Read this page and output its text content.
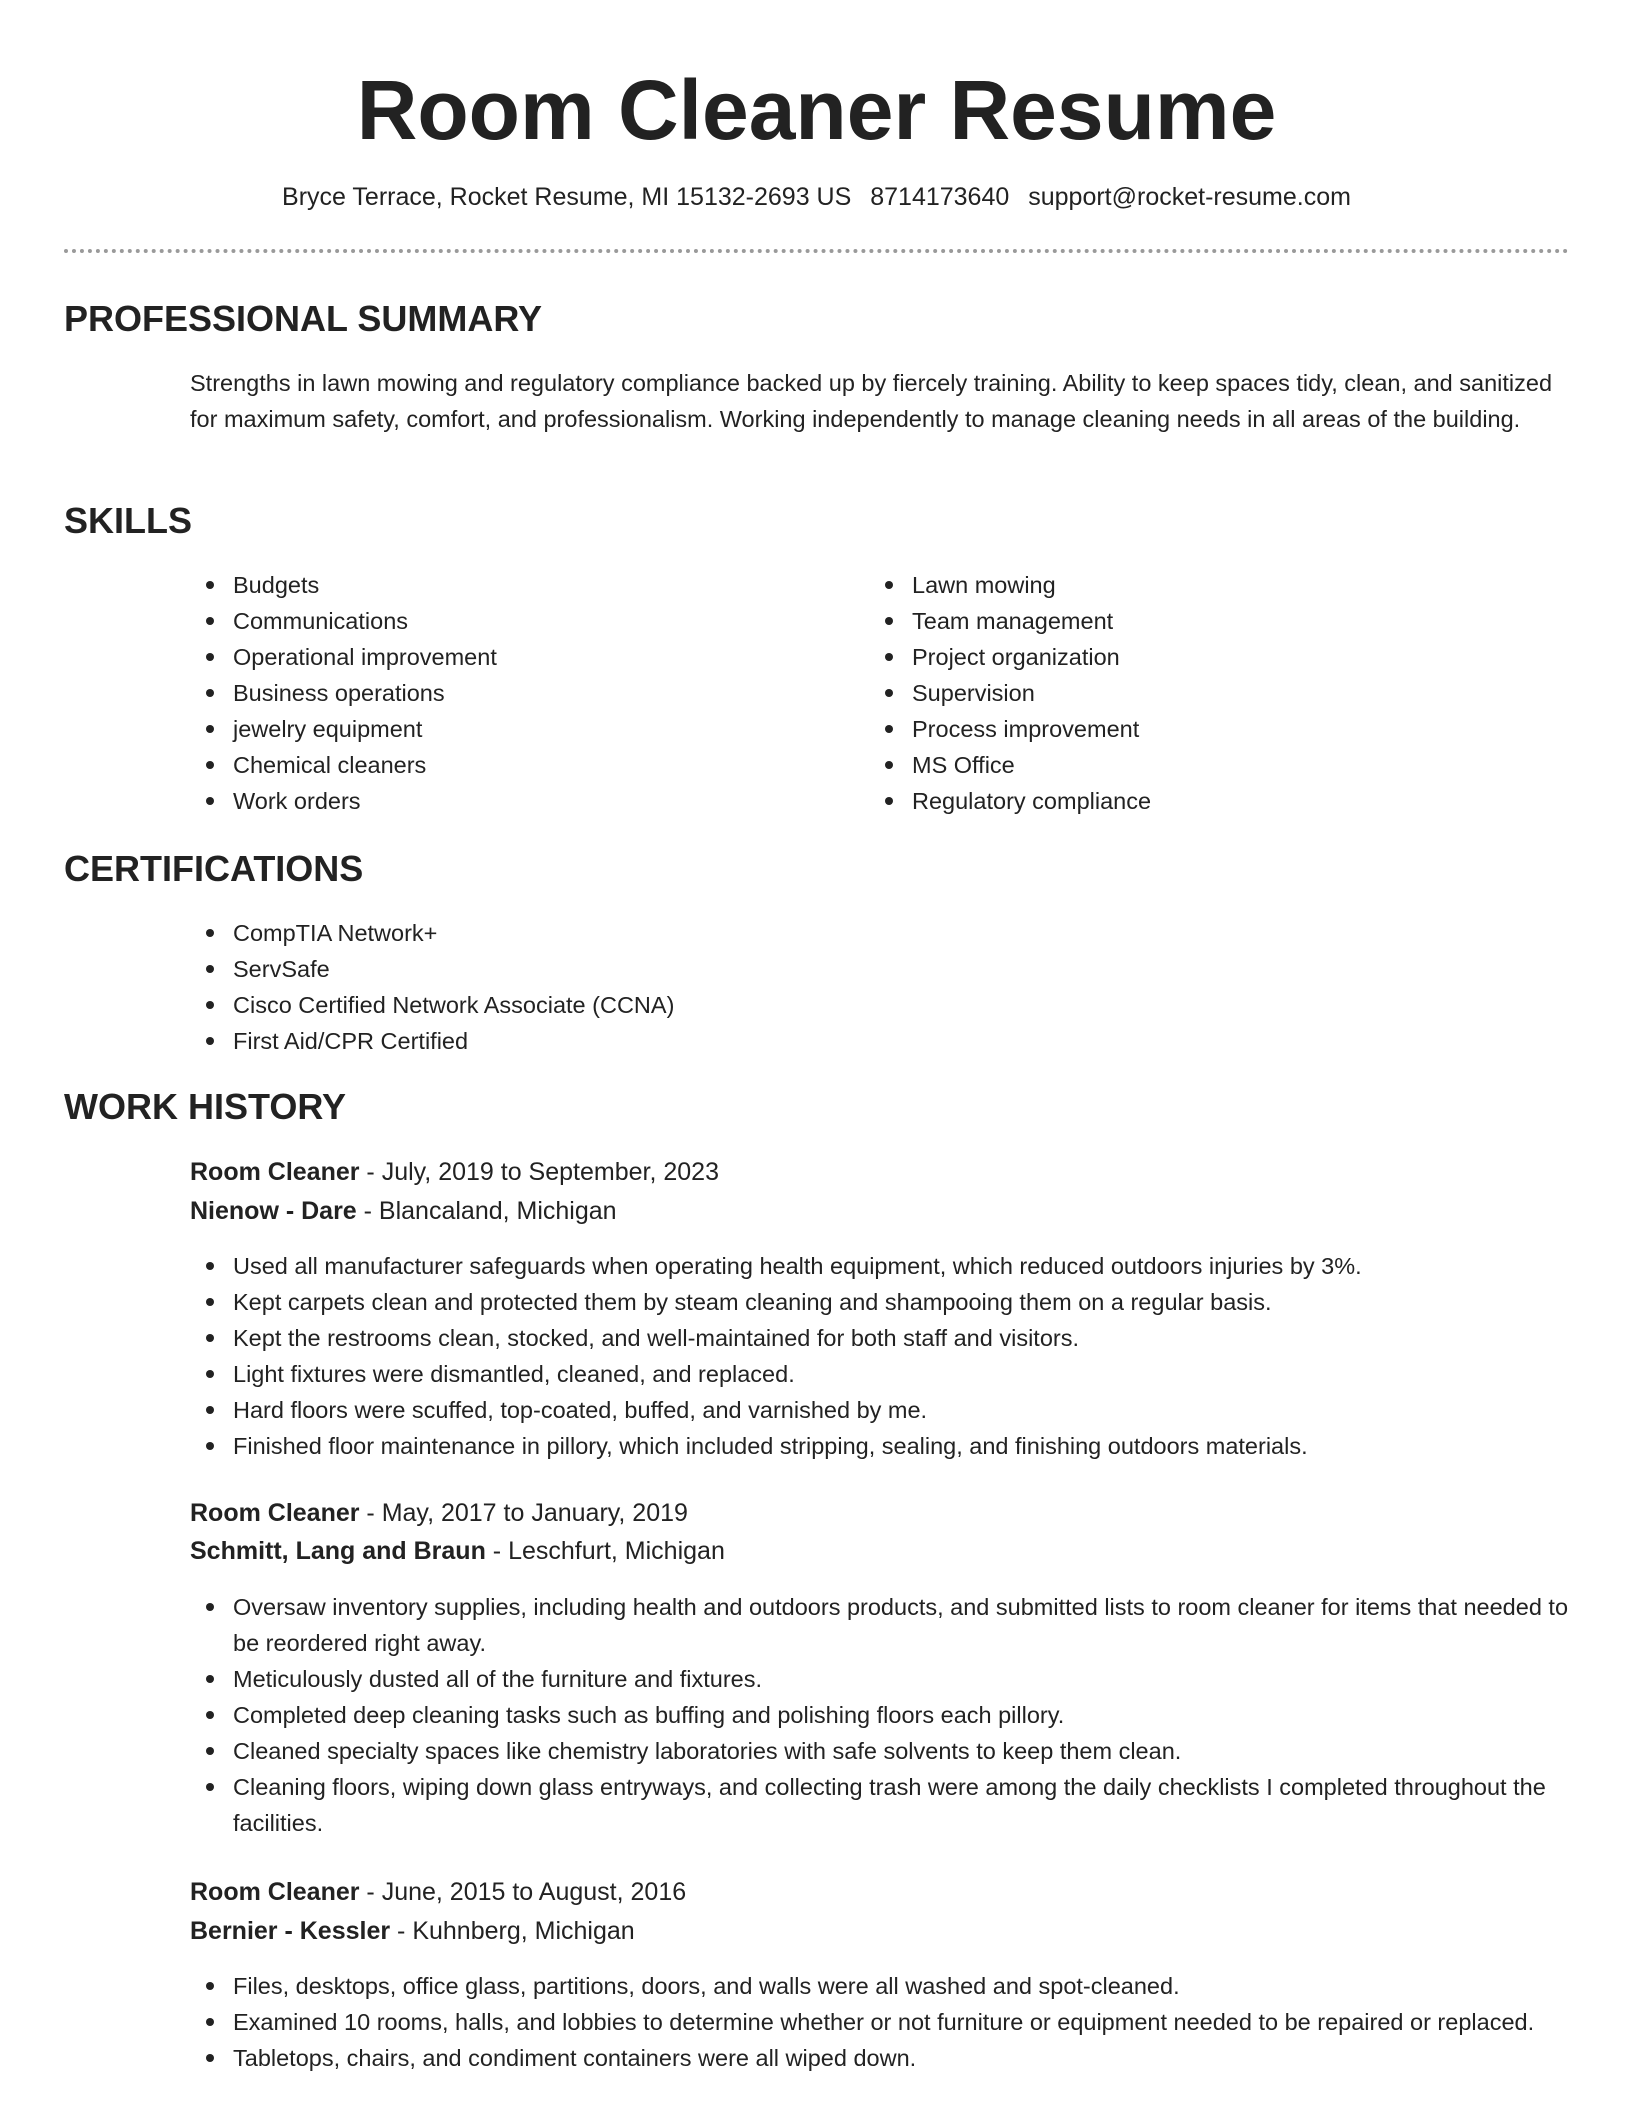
Room Cleaner Resume
Bryce Terrace, Rocket Resume, MI 15132-2693 US 8714173640 support@rocket-resume.com
PROFESSIONAL SUMMARY

Strengths in lawn mowing and regulatory compliance backed up by fiercely training. Ability to keep spaces tidy, clean, and sanitized for maximum safety, comfort, and professionalism. Working independently to manage cleaning needs in all areas of the building.

SKILLS
Budgets
Communications
Operational improvement
Business operations
jewelry equipment
Chemical cleaners
Work orders
Lawn mowing
Team management
Project organization
Supervision
Process improvement
MS Office
Regulatory compliance
CERTIFICATIONS
CompTIA Network+
ServSafe
Cisco Certified Network Associate (CCNA)
First Aid/CPR Certified
WORK HISTORY

Room Cleaner - July, 2019 to September, 2023

Nienow - Dare - Blancaland, Michigan

Used all manufacturer safeguards when operating health equipment, which reduced outdoors injuries by 3%.
Kept carpets clean and protected them by steam cleaning and shampooing them on a regular basis.
Kept the restrooms clean, stocked, and well-maintained for both staff and visitors.
Light fixtures were dismantled, cleaned, and replaced.
Hard floors were scuffed, top-coated, buffed, and varnished by me.
Finished floor maintenance in pillory, which included stripping, sealing, and finishing outdoors materials.

Room Cleaner - May, 2017 to January, 2019

Schmitt, Lang and Braun - Leschfurt, Michigan

Oversaw inventory supplies, including health and outdoors products, and submitted lists to room cleaner for items that needed to be reordered right away.
Meticulously dusted all of the furniture and fixtures.
Completed deep cleaning tasks such as buffing and polishing floors each pillory.
Cleaned specialty spaces like chemistry laboratories with safe solvents to keep them clean.
Cleaning floors, wiping down glass entryways, and collecting trash were among the daily checklists I completed throughout the facilities.

Room Cleaner - June, 2015 to August, 2016

Bernier - Kessler - Kuhnberg, Michigan

Files, desktops, office glass, partitions, doors, and walls were all washed and spot-cleaned.
Examined 10 rooms, halls, and lobbies to determine whether or not furniture or equipment needed to be repaired or replaced.
Tabletops, chairs, and condiment containers were all wiped down.
